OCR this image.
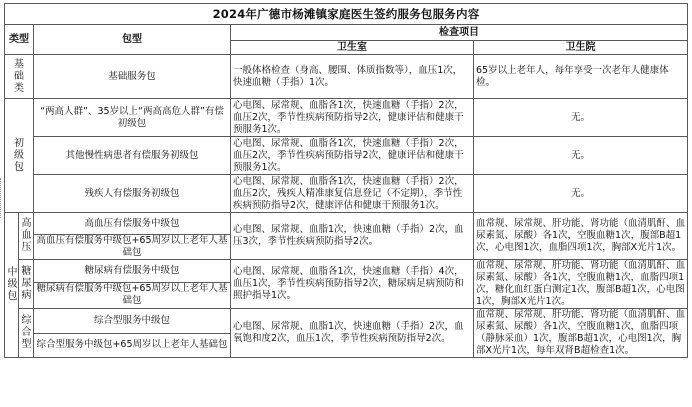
2024年广德市杨滩镇家庭医生签约服务包服务内容				
类型		包型	检查项目	
			卫生室	卫生院
基础类		基础服务包	一般体格检查（身高、腰围、体质指数等），血压1次，快速血糖（手指）1次。	65岁以上老年人，每年享受一次老年人健康体检。
初级包		“两高人群”、35岁以上“两高高危人群”有偿初级包	心电图、尿常规、血脂各1次，快速血糖（手指）2次，血压2次，季节性疾病预防指导2次，健康评估和健康干预服务1次。	无。
		其他慢性病患者有偿服务初级包	心电图、尿常规、血脂各1次，快速血糖（手指）2次，血压2次，季节性疾病预防指导2次，健康评估和健康干预服务1次。	无。
		残疾人有偿服务初级包	心电图、尿常规、血脂各1次，快速血糖（手指）2次，血压2次，残疾人精准康复信息登记（不定期），季节性疾病预防指导2次，健康评估和健康干预服务1次。	无。
中级包	高血压	高血压有偿服务中级包	心电图、尿常规、血脂1次，快速血糖（手指）2次，血压3次，季节性疾病预防指导2次。	血常规、尿常规、肝功能、肾功能（血清肌酐、血尿素氮、尿酸）各1次，空腹血糖1次，腹部B超1次，心电图1次，血脂四项1次，胸部X光片1次。
		高血压有偿服务中级包+65周岁以上老年人基础包		
	糖尿病	糖尿病有偿服务中级包	心电图、尿常规、血脂各1次，快速血糖（手指）4次，血压1次，季节性疾病预防指导2次，糖尿病足病预防和照护指导1次。	血常规、尿常规、肝功能、肾功能（血清肌酐、血尿素氮、尿酸）各1次，空腹血糖1次，血脂四项1次，糖化血红蛋白测定1次，腹部B超1次，心电图1次，胸部X光片1次。
		糖尿病有偿服务中级包+65周岁以上老年人基础包		
	综合型	综合型服务中级包	心电图、尿常规、血脂1次，快速血糖（手指）2次，血氧饱和度2次，血压1次，季节性疾病预防指导2次。	血常规、尿常规、肝功能、肾功能（血清肌酐、血尿素氮、尿酸）各1次，空腹血糖1次，血脂四项（静脉采血）1次，腹部B超1次，心电图1次，胸部X光片1次，每年双肾B超检查1次。
		综合型服务中级包+65周岁以上老年人基础包		
